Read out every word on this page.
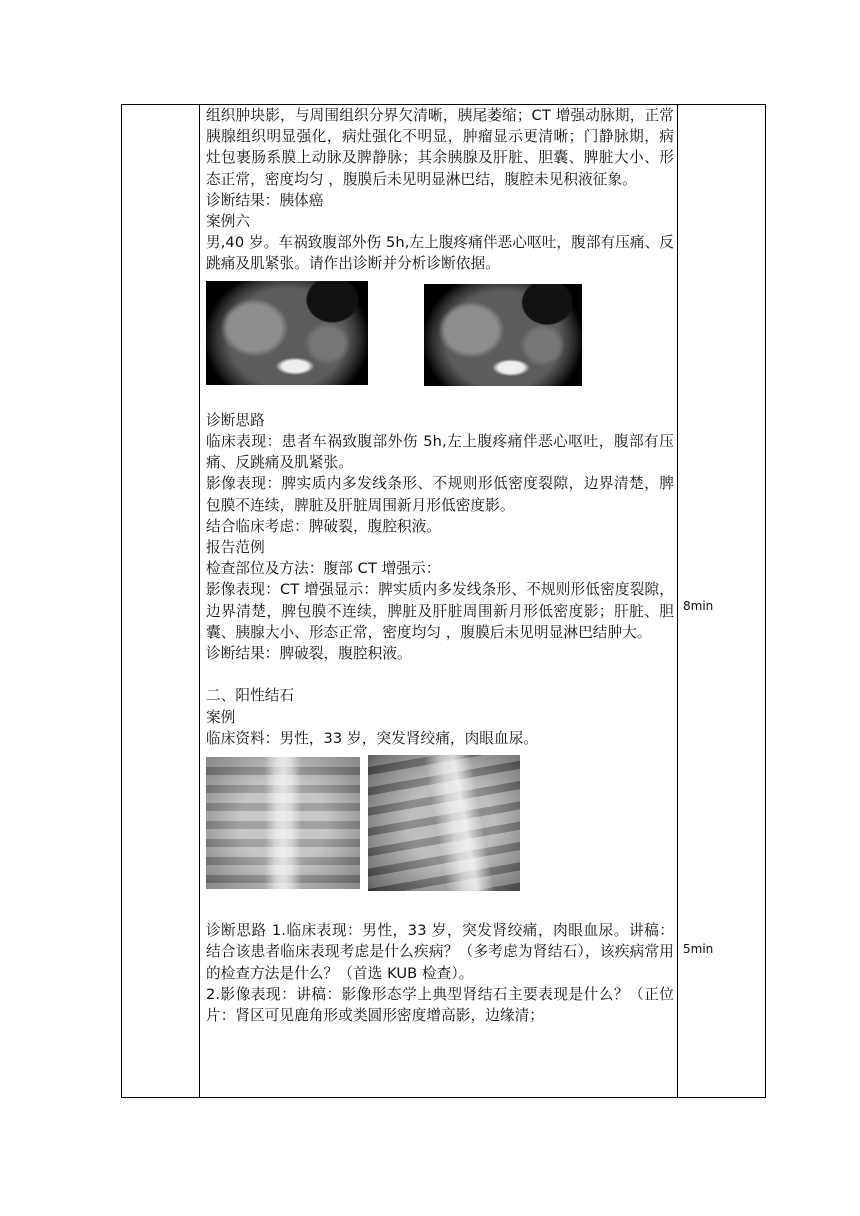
组织肿块影，与周围组织分界欠清晰，胰尾萎缩；CT 增强动脉期，正常胰腺组织明显强化，病灶强化不明显，肿瘤显示更清晰；门静脉期，病灶包裹肠系膜上动脉及脾静脉；其余胰腺及肝脏、胆囊、脾脏大小、形态正常，密度均匀 ，腹膜后未见明显淋巴结，腹腔未见积液征象。

诊断结果：胰体癌

案例六

男,40 岁。车祸致腹部外伤 5h,左上腹疼痛伴恶心呕吐，腹部有压痛、反跳痛及肌紧张。请作出诊断并分析诊断依据。

诊断思路

临床表现：患者车祸致腹部外伤 5h,左上腹疼痛伴恶心呕吐，腹部有压痛、反跳痛及肌紧张。

影像表现：脾实质内多发线条形、不规则形低密度裂隙，边界清楚，脾包膜不连续，脾脏及肝脏周围新月形低密度影。

结合临床考虑：脾破裂，腹腔积液。

报告范例

检查部位及方法：腹部 CT 增强示：

影像表现：CT 增强显示：脾实质内多发线条形、不规则形低密度裂隙，边界清楚，脾包膜不连续，脾脏及肝脏周围新月形低密度影；肝脏、胆囊、胰腺大小、形态正常，密度均匀 ，腹膜后未见明显淋巴结肿大。

诊断结果：脾破裂，腹腔积液。

二、阳性结石

案例

临床资料：男性，33 岁，突发肾绞痛，肉眼血尿。

诊断思路 1.临床表现：男性，33 岁，突发肾绞痛，肉眼血尿。讲稿：结合该患者临床表现考虑是什么疾病？（多考虑为肾结石），该疾病常用的检查方法是什么？（首选 KUB 检查）。

2.影像表现：讲稿：影像形态学上典型肾结石主要表现是什么？（正位片：肾区可见鹿角形或类圆形密度增高影，边缘清；

8min
5min
